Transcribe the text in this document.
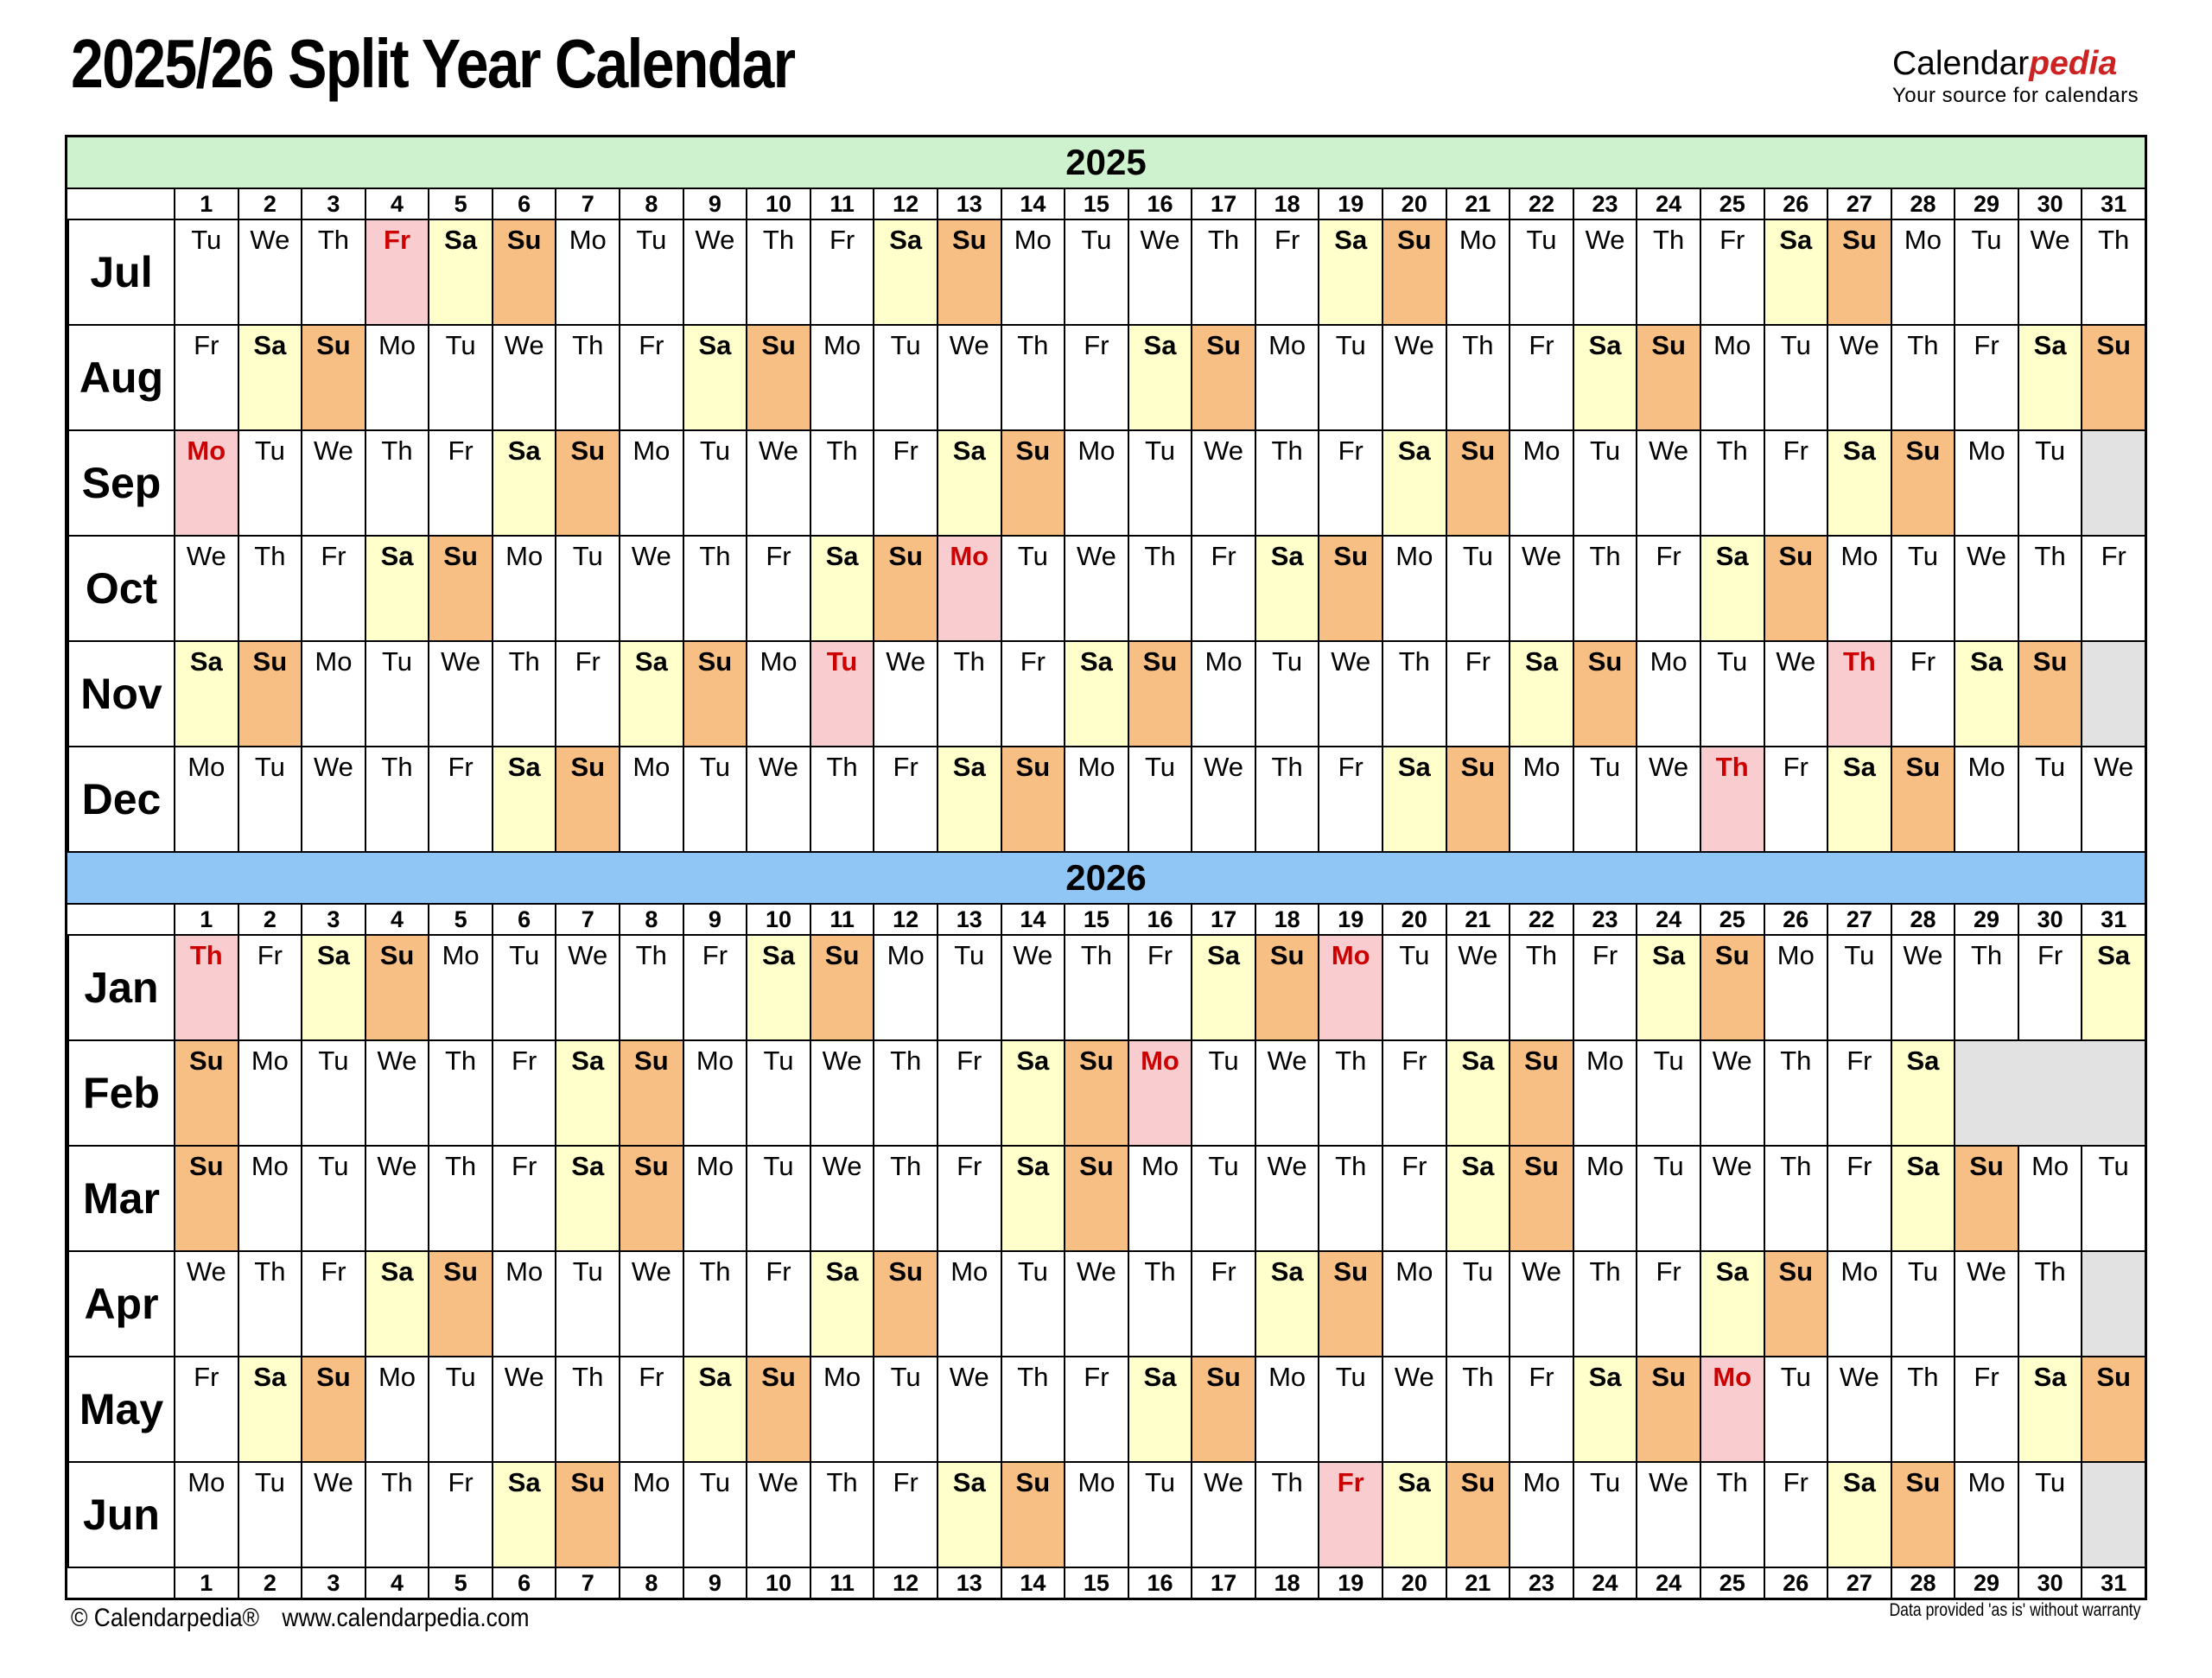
2025/26 Split Year Calendar	Calendarpedia
Your source for calendars
2025
1	2	3	4	5	6	7	8	9	10	11	12	13	14	15	16	17	18	19	20	21	22	23	24	25	26	27	28	29	30	31
Jul
Tu	We	Th	Fr	Sa	Su	Mo	Tu	We	Th	Fr	Sa	Su	Mo	Tu	We	Th	Fr	Sa	Su	Mo	Tu	We	Th	Fr	Sa	Su	Mo	Tu	We	Th
Aug
Fr	Sa	Su	Mo	Tu	We	Th	Fr	Sa	Su	Mo	Tu	We	Th	Fr	Sa	Su	Mo	Tu	We	Th	Fr	Sa	Su	Mo	Tu	We	Th	Fr	Sa	Su
Sep
Mo	Tu	We	Th	Fr	Sa	Su	Mo	Tu	We	Th	Fr	Sa	Su	Mo	Tu	We	Th	Fr	Sa	Su	Mo	Tu	We	Th	Fr	Sa	Su	Mo	Tu
Oct
We	Th	Fr	Sa	Su	Mo	Tu	We	Th	Fr	Sa	Su	Mo	Tu	We	Th	Fr	Sa	Su	Mo	Tu	We	Th	Fr	Sa	Su	Mo	Tu	We	Th	Fr
Nov
Sa	Su	Mo	Tu	We	Th	Fr	Sa	Su	Mo	Tu	We	Th	Fr	Sa	Su	Mo	Tu	We	Th	Fr	Sa	Su	Mo	Tu	We	Th	Fr	Sa	Su
Dec
Mo	Tu	We	Th	Fr	Sa	Su	Mo	Tu	We	Th	Fr	Sa	Su	Mo	Tu	We	Th	Fr	Sa	Su	Mo	Tu	We	Th	Fr	Sa	Su	Mo	Tu	We
2026
1	2	3	4	5	6	7	8	9	10	11	12	13	14	15	16	17	18	19	20	21	22	23	24	25	26	27	28	29	30	31
Jan
Th	Fr	Sa	Su	Mo	Tu	We	Th	Fr	Sa	Su	Mo	Tu	We	Th	Fr	Sa	Su	Mo	Tu	We	Th	Fr	Sa	Su	Mo	Tu	We	Th	Fr	Sa
Feb
Su	Mo	Tu	We	Th	Fr	Sa	Su	Mo	Tu	We	Th	Fr	Sa	Su	Mo	Tu	We	Th	Fr	Sa	Su	Mo	Tu	We	Th	Fr	Sa
Mar
Su	Mo	Tu	We	Th	Fr	Sa	Su	Mo	Tu	We	Th	Fr	Sa	Su	Mo	Tu	We	Th	Fr	Sa	Su	Mo	Tu	We	Th	Fr	Sa	Su	Mo	Tu
Apr
We	Th	Fr	Sa	Su	Mo	Tu	We	Th	Fr	Sa	Su	Mo	Tu	We	Th	Fr	Sa	Su	Mo	Tu	We	Th	Fr	Sa	Su	Mo	Tu	We	Th
May
Fr	Sa	Su	Mo	Tu	We	Th	Fr	Sa	Su	Mo	Tu	We	Th	Fr	Sa	Su	Mo	Tu	We	Th	Fr	Sa	Su	Mo	Tu	We	Th	Fr	Sa	Su
Jun
Mo	Tu	We	Th	Fr	Sa	Su	Mo	Tu	We	Th	Fr	Sa	Su	Mo	Tu	We	Th	Fr	Sa	Su	Mo	Tu	We	Th	Fr	Sa	Su	Mo	Tu
1	2	3	4	5	6	7	8	9	10	11	12	13	14	15	16	17	18	19	20	21	23	24	24	25	26	27	28	29	30	31
© Calendarpedia® www.calendarpedia.com	Data provided 'as is' without warranty
